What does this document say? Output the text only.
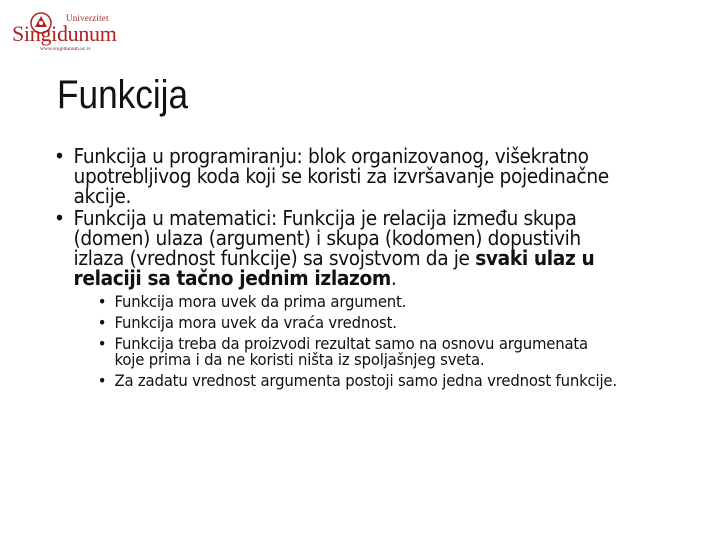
Univerzitet
Singidunum
www.singidunum.ac.rs
Funkcija
• Funkcija u programiranju: blok organizovanog, višekratno upotrebljivog koda koji se koristi za izvršavanje pojedinačne akcije.
• Funkcija u matematici: Funkcija je relacija između skupa (domen) ulaza (argument) i skupa (kodomen) dopustivih izlaza (vrednost funkcije) sa svojstvom da je svaki ulaz u relaciji sa tačno jednim izlazom.
• Funkcija mora uvek da prima argument.
• Funkcija mora uvek da vraća vrednost.
• Funkcija treba da proizvodi rezultat samo na osnovu argumenata koje prima i da ne koristi ništa iz spoljašnjeg sveta.
• Za zadatu vrednost argumenta postoji samo jedna vrednost funkcije.
